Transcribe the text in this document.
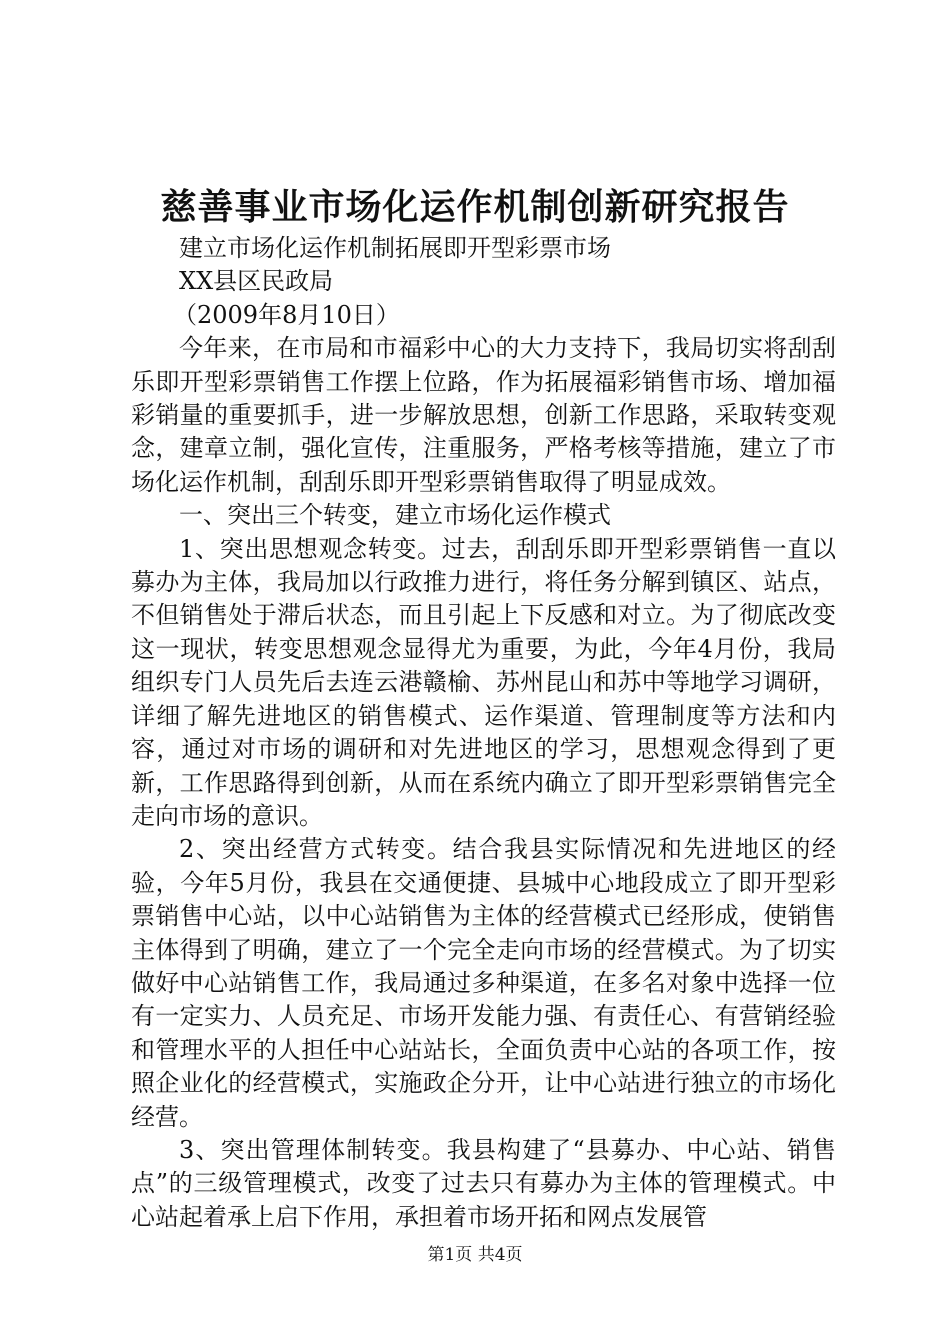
慈善事业市场化运作机制创新研究报告

建立市场化运作机制拓展即开型彩票市场

XX县区民政局

（2009年8月10日）

今年来，在市局和市福彩中心的大力支持下，我局切实将刮刮乐即开型彩票销售工作摆上位路，作为拓展福彩销售市场、增加福彩销量的重要抓手，进一步解放思想，创新工作思路，采取转变观念，建章立制，强化宣传，注重服务，严格考核等措施，建立了市场化运作机制，刮刮乐即开型彩票销售取得了明显成效。

一、突出三个转变，建立市场化运作模式

1、突出思想观念转变。过去，刮刮乐即开型彩票销售一直以募办为主体，我局加以行政推力进行，将任务分解到镇区、站点，不但销售处于滞后状态，而且引起上下反感和对立。为了彻底改变这一现状，转变思想观念显得尤为重要，为此，今年4月份，我局组织专门人员先后去连云港赣榆、苏州昆山和苏中等地学习调研，详细了解先进地区的销售模式、运作渠道、管理制度等方法和内容，通过对市场的调研和对先进地区的学习，思想观念得到了更新，工作思路得到创新，从而在系统内确立了即开型彩票销售完全走向市场的意识。

2、突出经营方式转变。结合我县实际情况和先进地区的经验，今年5月份，我县在交通便捷、县城中心地段成立了即开型彩票销售中心站，以中心站销售为主体的经营模式已经形成，使销售主体得到了明确，建立了一个完全走向市场的经营模式。为了切实做好中心站销售工作，我局通过多种渠道，在多名对象中选择一位有一定实力、人员充足、市场开发能力强、有责任心、有营销经验和管理水平的人担任中心站站长，全面负责中心站的各项工作，按照企业化的经营模式，实施政企分开，让中心站进行独立的市场化经营。

3、突出管理体制转变。我县构建了“县募办、中心站、销售点”的三级管理模式，改变了过去只有募办为主体的管理模式。中心站起着承上启下作用，承担着市场开拓和网点发展管

第1页 共4页
